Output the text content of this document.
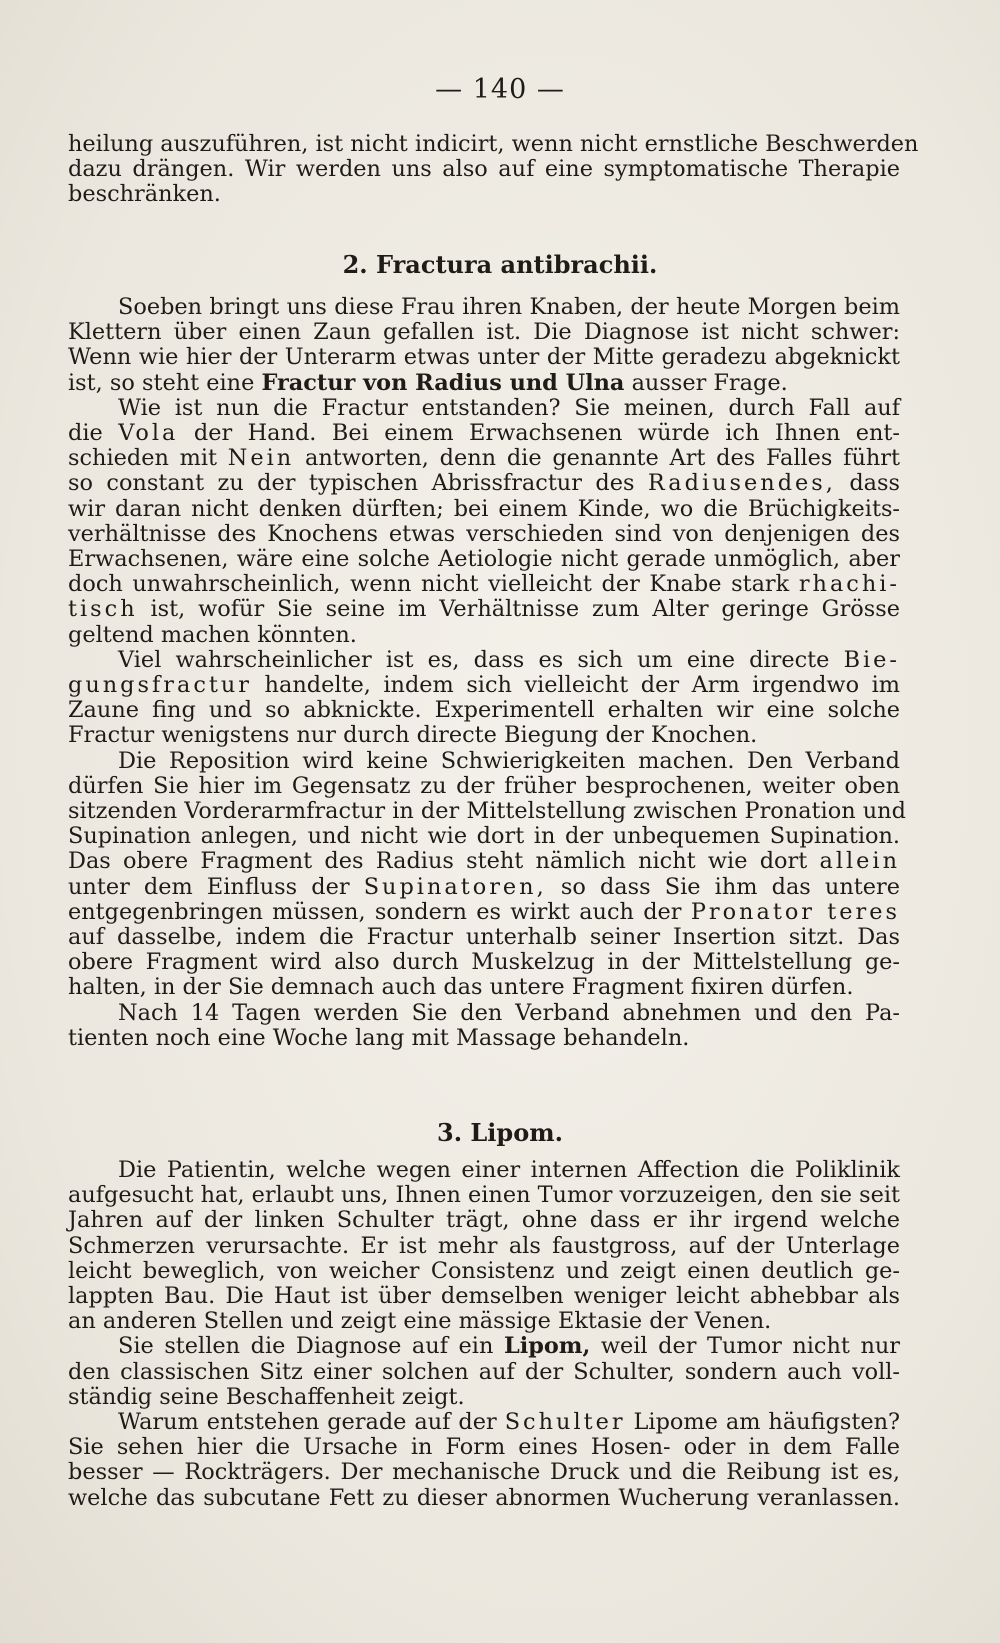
— 140 —
heilung auszuführen, ist nicht indicirt, wenn nicht ernstliche Beschwerden
dazu drängen. Wir werden uns also auf eine symptomatische Therapie
beschränken.
2. Fractura antibrachii.
Soeben bringt uns diese Frau ihren Knaben, der heute Morgen beim
Klettern über einen Zaun gefallen ist. Die Diagnose ist nicht schwer:
Wenn wie hier der Unterarm etwas unter der Mitte geradezu abgeknickt
ist, so steht eine Fractur von Radius und Ulna ausser Frage.
Wie ist nun die Fractur entstanden? Sie meinen, durch Fall auf
die Vola der Hand. Bei einem Erwachsenen würde ich Ihnen ent-
schieden mit Nein antworten, denn die genannte Art des Falles führt
so constant zu der typischen Abrissfractur des Radiusendes, dass
wir daran nicht denken dürften; bei einem Kinde, wo die Brüchigkeits-
verhältnisse des Knochens etwas verschieden sind von denjenigen des
Erwachsenen, wäre eine solche Aetiologie nicht gerade unmöglich, aber
doch unwahrscheinlich, wenn nicht vielleicht der Knabe stark rhachi-
tisch ist, wofür Sie seine im Verhältnisse zum Alter geringe Grösse
geltend machen könnten.
Viel wahrscheinlicher ist es, dass es sich um eine directe Bie-
gungsfractur handelte, indem sich vielleicht der Arm irgendwo im
Zaune fing und so abknickte. Experimentell erhalten wir eine solche
Fractur wenigstens nur durch directe Biegung der Knochen.
Die Reposition wird keine Schwierigkeiten machen. Den Verband
dürfen Sie hier im Gegensatz zu der früher besprochenen, weiter oben
sitzenden Vorderarmfractur in der Mittelstellung zwischen Pronation und
Supination anlegen, und nicht wie dort in der unbequemen Supination.
Das obere Fragment des Radius steht nämlich nicht wie dort allein
unter dem Einfluss der Supinatoren, so dass Sie ihm das untere
entgegenbringen müssen, sondern es wirkt auch der Pronator teres
auf dasselbe, indem die Fractur unterhalb seiner Insertion sitzt. Das
obere Fragment wird also durch Muskelzug in der Mittelstellung ge-
halten, in der Sie demnach auch das untere Fragment fixiren dürfen.
Nach 14 Tagen werden Sie den Verband abnehmen und den Pa-
tienten noch eine Woche lang mit Massage behandeln.
3. Lipom.
Die Patientin, welche wegen einer internen Affection die Poliklinik
aufgesucht hat, erlaubt uns, Ihnen einen Tumor vorzuzeigen, den sie seit
Jahren auf der linken Schulter trägt, ohne dass er ihr irgend welche
Schmerzen verursachte. Er ist mehr als faustgross, auf der Unterlage
leicht beweglich, von weicher Consistenz und zeigt einen deutlich ge-
lappten Bau. Die Haut ist über demselben weniger leicht abhebbar als
an anderen Stellen und zeigt eine mässige Ektasie der Venen.
Sie stellen die Diagnose auf ein Lipom, weil der Tumor nicht nur
den classischen Sitz einer solchen auf der Schulter, sondern auch voll-
ständig seine Beschaffenheit zeigt.
Warum entstehen gerade auf der Schulter Lipome am häufigsten?
Sie sehen hier die Ursache in Form eines Hosen- oder in dem Falle
besser — Rockträgers. Der mechanische Druck und die Reibung ist es,
welche das subcutane Fett zu dieser abnormen Wucherung veranlassen.
